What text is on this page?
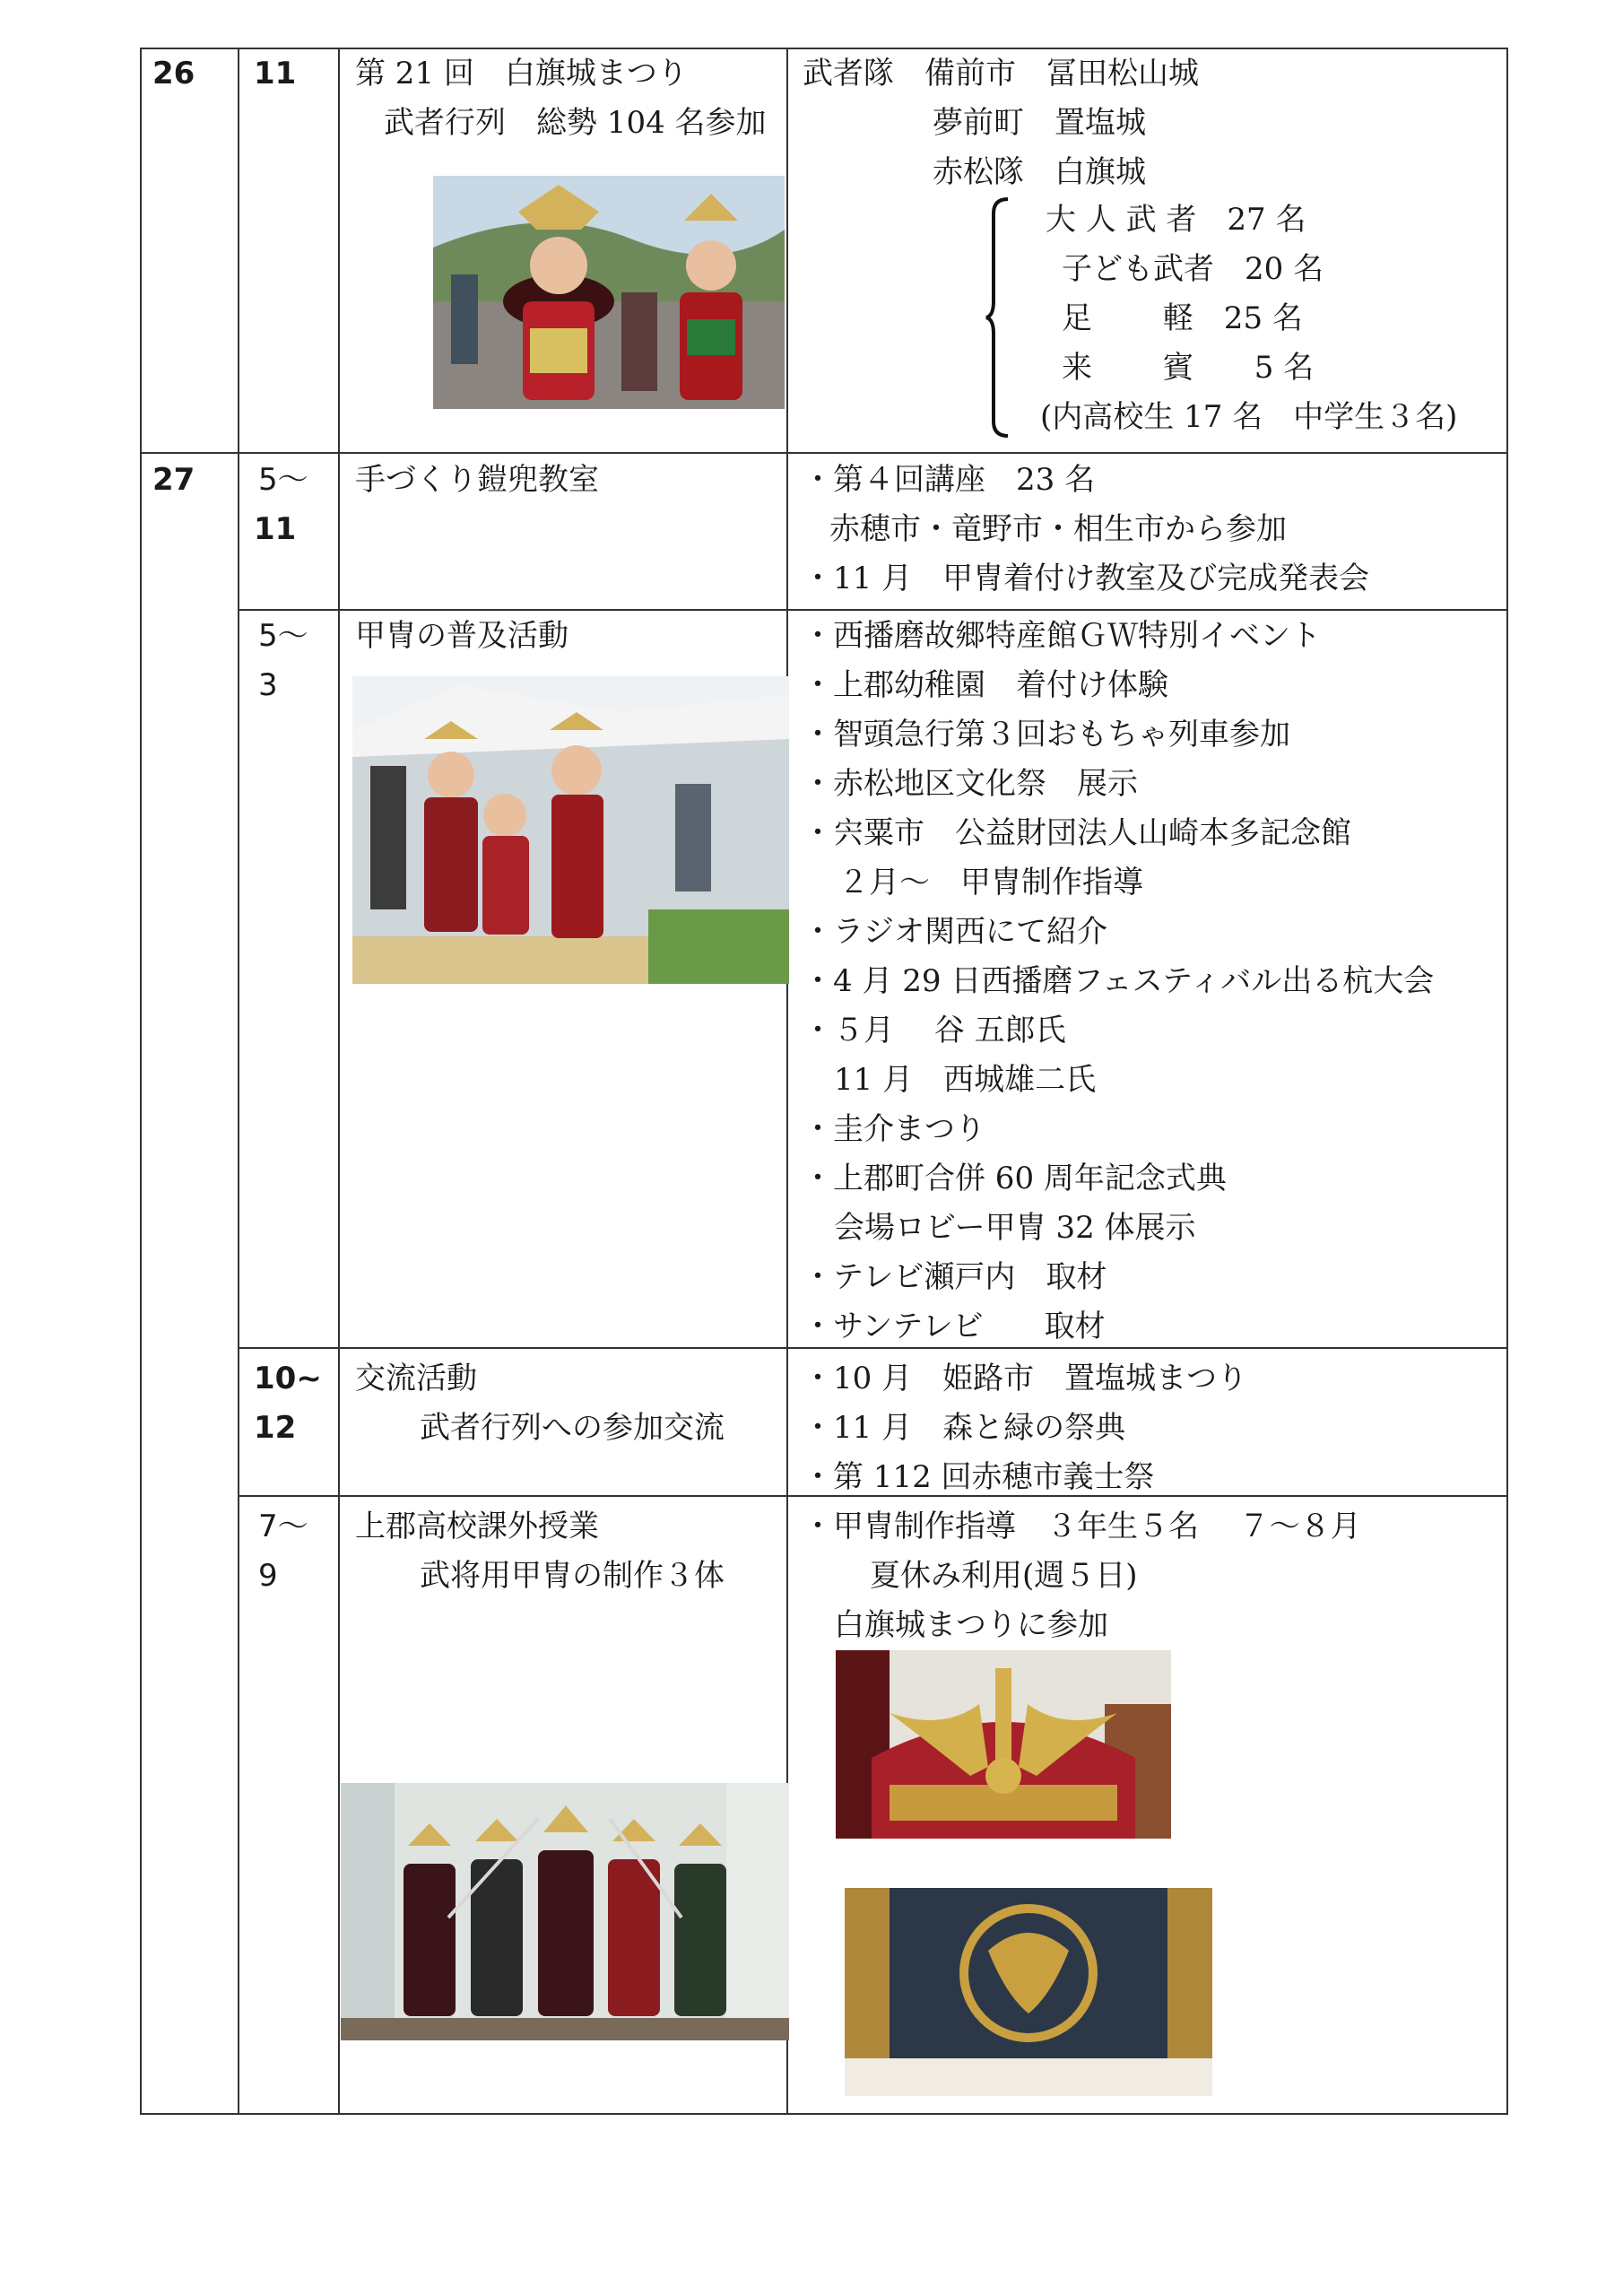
26 11 第 21 回　白旗城まつり
武者行列　総勢 104 名参加
武者隊　備前市　冨田松山城
夢前町　置塩城
赤松隊　白旗城
大 人 武 者　27 名
子ども武者　20 名
足　　 軽　25 名
来　　 賓　　5 名
(内高校生 17 名　中学生３名)
27 5～
11
手づくり鎧兜教室	・第４回講座　23 名
赤穂市・竜野市・相生市から参加
・11 月　甲冑着付け教室及び完成発表会
5～
3
甲冑の普及活動	・西播磨故郷特産館ＧＷ特別イベント
・上郡幼稚園　着付け体験
・智頭急行第３回おもちゃ列車参加
・赤松地区文化祭　展示
・宍粟市　公益財団法人山崎本多記念館
２月～　甲冑制作指導
・ラジオ関西にて紹介
・4 月 29 日西播磨フェスティバル出る杭大会
・５月　 谷 五郎氏
11 月　西城雄二氏
・圭介まつり
・上郡町合併 60 周年記念式典
会場ロビー甲冑 32 体展示
・テレビ瀬戸内　取材
・サンテレビ　　取材
10~
12
交流活動
武者行列への参加交流
・10 月　姫路市　置塩城まつり
・11 月　森と緑の祭典
・第 112 回赤穂市義士祭
7～
9
上郡高校課外授業
武将用甲冑の制作３体
・甲冑制作指導　３年生５名　 ７～８月
夏休み利用(週５日)
白旗城まつりに参加
